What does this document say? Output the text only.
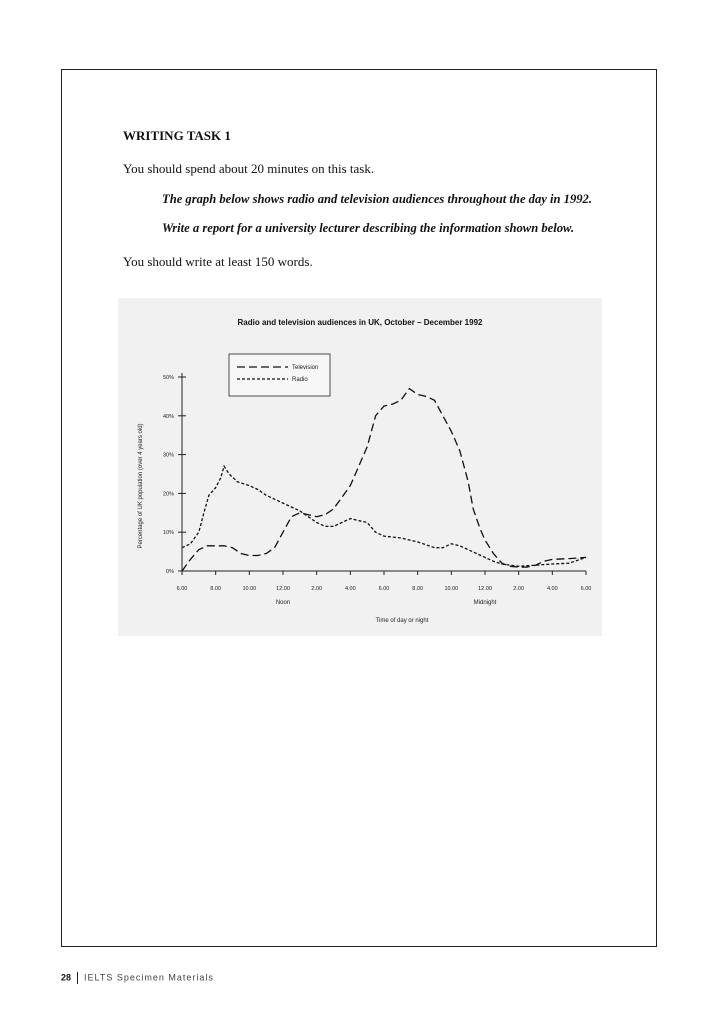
WRITING TASK 1
You should spend about 20 minutes on this task.
The graph below shows radio and television audiences throughout the day in 1992.
Write a report for a university lecturer describing the information shown below.
You should write at least 150 words.
Radio and television audiences in UK, October – December 1992
0%
10%
20%
30%
40%
50%
6.00	8.00	10.00	12.00	2.00	4.00	6.00	8.00	10.00	12.00	2.00	4.00	6.00
Noon	Midnight
Time of day or night
Percentage of UK population (over 4 years old)
Television
Radio
28 IELTS Specimen Materials
